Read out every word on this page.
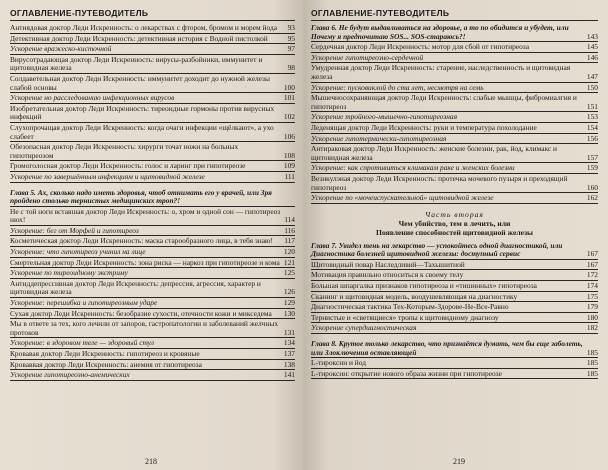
ОГЛАВЛЕНИЕ-ПУТЕВОДИТЕЛЬ
Антиядовая доктор Леди Искренность: о лекарствах с фтором, бромом и морем йода	93
Детективная доктор Леди Искренность: детективная история с Водной пистолкой	95
Ускорение вражеско-кисточной	97
Вирусотрадающая доктор Леди Искренность: вирусы-разбойники, иммунитет и щитовидная железа	98
Солдаветельная доктор Леди Искренность: иммунитет доходит до нужной железы слабой основы	100
Ускорение но расследованию инфекционных вирусов	101
Изобретательная доктор Леди Искренность: тиреоидные гормоны против вирусных инфекций	102
Слухопрочащая доктор Леди Искренность: когда очаги инфекции «щёлкают», а ухо слабеет	106
Обезопасная доктор Леди Искренность: хирурги точат ножи на больных гипотиреозом	108
Громоголосная доктор Леди Искренность: голос и ларинг при гипотиреозе	109
Ускорение по завершённым инфекциям и щитовидной железе	111
Глава 5. Ах, сколько надо иметь здоровья, чтоб отнимать его у врачей, или Зря пройдено столько тернистых медицинских троп?!
Не с той ноги вставшая доктор Леди Искренность: о, хром и одной сон — гипотиреоз нюх!	114
Ускорение: бег от Морфей и гипотиреоз	116
Косметическая доктор Леди Искренность: маска старообразного лица, в тебя знаю!	117
Ускорение: что гипотиреоз учинил на лице	120
Смертельная доктор Леди Искренность: зона риска — наркоз при гипотиреозе и кома 121
Ускорение по тиреоидному экстриму	125
Антиддепрессивная доктор Леди Искренность: депрессия, агрессия, характер и щитовидная железа	126
Ускорение: перешибка и гипотиреозным ударе	129
Сухая доктор Леди Искренность: безобразие сухости, отечности кожи и микседема	130
Мы в ответе за тех, кого лечили от запоров, гастропатологии и заболеваний желчных протоков	131
Ускорение: в здоровом теле — здоровый стул	134
Кровавая доктор Леди Искренность: гипотиреоз и кровяные	137
Кроваввая доктор Леди Искренность: анемия от гипотиреоза	138
Ускорение гипотиреозно-анемических	141
218
ОГЛАВЛЕНИЕ-ПУТЕВОДИТЕЛЬ
Глава 6. Не будут выдавливаться на здоровье, а то по обидится и убудет, или Почему я предпочитаю SOS... SOS-стараюсь?!	143
Сердечная доктор Леди Искренность: мотор для сбой от гипотиреоза	145
Ускорение гипотиреозно-сердечной	146
Умудренная доктор Леди Искренность: старение, наследственность и щитовидная железа	147
Ускорение: пусковиклой до ста лет, несмотря на семь	150
Мышечносохраняющая доктор Леди Искренность: слабые мышцы, фибромиалгия и гипотиреоз	151
Ускорение тройного-мышечно-гипотиреозная	153
Леденящая доктор Леди Искренность: руки и температура похолодание	154
Ускорение гипотермически-гипотиреозная	156
Антираковая доктор Леди Искренность: женские болезни, рак, йод, климакс и щитовидная железа	157
Ускорение: как спротивиться климакам раке и женских болезни	159
Везикулэная доктор Леди Искренность: протечка мочевого пузыря и преходящий гипотиреоз	160
Ускорение по «мочеиспускательной» щитовидной железе	162
Часть вторая
Чем убийство, тем в лечить, или
Появление способностей щитовидной железы
Глава 7. Увидел тень на лекарство — успокойтесь одной диагностикой, или Диагностика болезней щитовидной железы: доступный сервис	167
Щитовидный повар Наследливий—Тахышитной	167
Мотивация правильно относиться к своему телу	172
Большая шпаргалка признаков гипотиреоза и «тишинных» гипотиреоза	174
Сканинг и щитовидная модель, воодушевляющая на диагностику	175
Диагностическая тактика Тех-Которым-Здорове-Не-Все-Равно	179
Тернистые и «светящиеся» тропы к щитовидному диагнозу	180
Ускорение супердиагностическая	182
Глава 8. Крутое только лекарство, что признаётся думать, чем бы еще заболеть, или Злоключения оставляющей	185
L-тироксин и йод	185
L-тироксин: открытие нового образа жизни при гипотиреозе	185
219
